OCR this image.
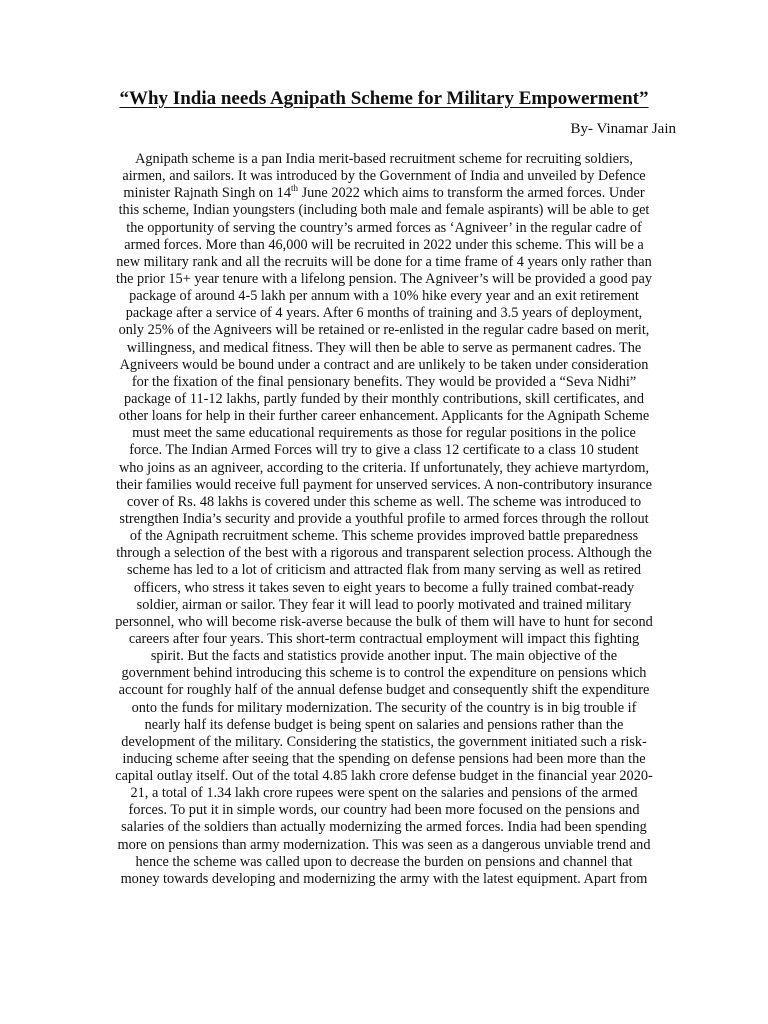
“Why India needs Agnipath Scheme for Military Empowerment”

By- Vinamar Jain

Agnipath scheme is a pan India merit-based recruitment scheme for recruiting soldiers,
airmen, and sailors. It was introduced by the Government of India and unveiled by Defence
minister Rajnath Singh on 14th June 2022 which aims to transform the armed forces. Under
this scheme, Indian youngsters (including both male and female aspirants) will be able to get
the opportunity of serving the country’s armed forces as ‘Agniveer’ in the regular cadre of
armed forces. More than 46,000 will be recruited in 2022 under this scheme. This will be a
new military rank and all the recruits will be done for a time frame of 4 years only rather than
the prior 15+ year tenure with a lifelong pension. The Agniveer’s will be provided a good pay
package of around 4-5 lakh per annum with a 10% hike every year and an exit retirement
package after a service of 4 years. After 6 months of training and 3.5 years of deployment,
only 25% of the Agniveers will be retained or re-enlisted in the regular cadre based on merit,
willingness, and medical fitness. They will then be able to serve as permanent cadres. The
Agniveers would be bound under a contract and are unlikely to be taken under consideration
for the fixation of the final pensionary benefits. They would be provided a “Seva Nidhi”
package of 11-12 lakhs, partly funded by their monthly contributions, skill certificates, and
other loans for help in their further career enhancement. Applicants for the Agnipath Scheme
must meet the same educational requirements as those for regular positions in the police
force. The Indian Armed Forces will try to give a class 12 certificate to a class 10 student
who joins as an agniveer, according to the criteria. If unfortunately, they achieve martyrdom,
their families would receive full payment for unserved services. A non-contributory insurance
cover of Rs. 48 lakhs is covered under this scheme as well. The scheme was introduced to
strengthen India’s security and provide a youthful profile to armed forces through the rollout
of the Agnipath recruitment scheme. This scheme provides improved battle preparedness
through a selection of the best with a rigorous and transparent selection process. Although the
scheme has led to a lot of criticism and attracted flak from many serving as well as retired
officers, who stress it takes seven to eight years to become a fully trained combat-ready
soldier, airman or sailor. They fear it will lead to poorly motivated and trained military
personnel, who will become risk-averse because the bulk of them will have to hunt for second
careers after four years. This short-term contractual employment will impact this fighting
spirit. But the facts and statistics provide another input. The main objective of the
government behind introducing this scheme is to control the expenditure on pensions which
account for roughly half of the annual defense budget and consequently shift the expenditure
onto the funds for military modernization. The security of the country is in big trouble if
nearly half its defense budget is being spent on salaries and pensions rather than the
development of the military. Considering the statistics, the government initiated such a risk-
inducing scheme after seeing that the spending on defense pensions had been more than the
capital outlay itself. Out of the total 4.85 lakh crore defense budget in the financial year 2020-
21, a total of 1.34 lakh crore rupees were spent on the salaries and pensions of the armed
forces. To put it in simple words, our country had been more focused on the pensions and
salaries of the soldiers than actually modernizing the armed forces. India had been spending
more on pensions than army modernization. This was seen as a dangerous unviable trend and
hence the scheme was called upon to decrease the burden on pensions and channel that
money towards developing and modernizing the army with the latest equipment. Apart from
